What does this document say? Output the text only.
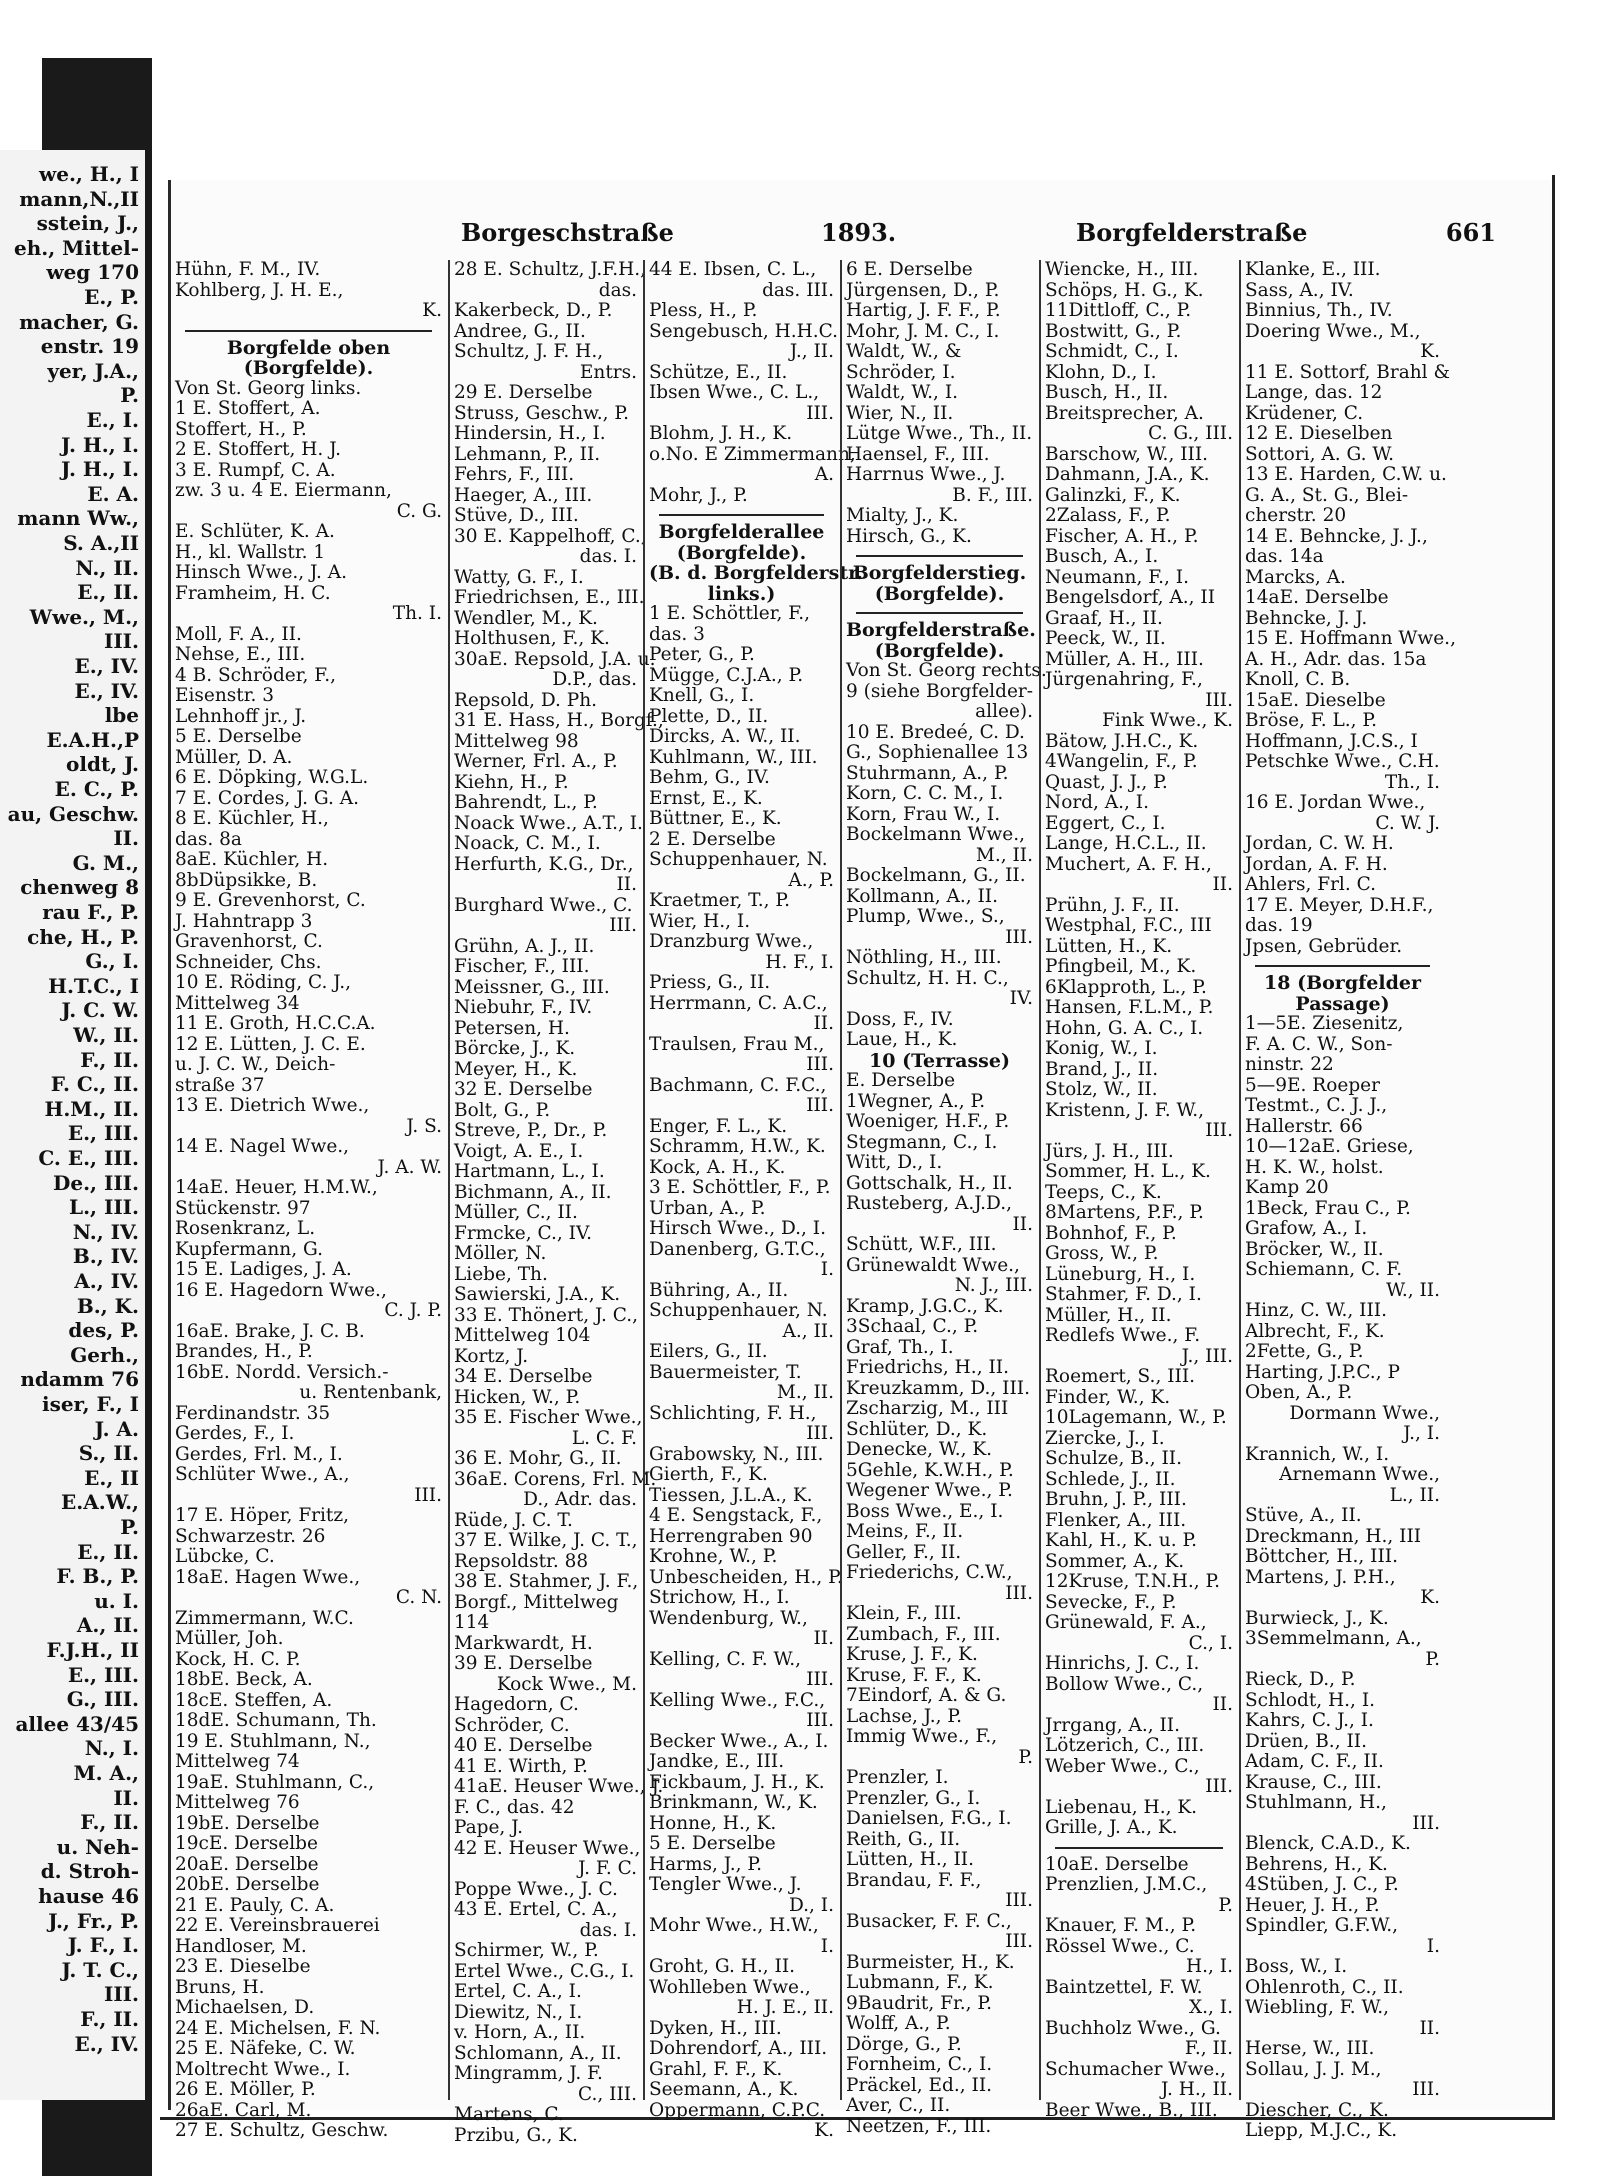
we., H., I
mann,N.,II
sstein, J.,
eh., Mittel-
weg 170
E., P.
macher, G.
enstr. 19
yer, J.A.,
P.
E., I.
J. H., I.
J. H., I.
E. A.
mann Ww.,
S. A.,II
N., II.
E., II.
Wwe., M.,
III.
E., IV.
E., IV.
lbe
E.A.H.,P
oldt, J.
E. C., P.
au, Geschw.
II.
G. M.,
chenweg 8
rau F., P.
che, H., P.
G., I.
H.T.C., I
J. C. W.
W., II.
F., II.
F. C., II.
H.M., II.
E., III.
C. E., III.
De., III.
L., III.
N., IV.
B., IV.
A., IV.
B., K.
des, P.
Gerh.,
ndamm 76
iser, F., I
J. A.
S., II.
E., II
E.A.W.,
P.
E., II.
F. B., P.
u. I.
A., II.
F.J.H., II
E., III.
G., III.
allee 43/45
N., I.
M. A.,
II.
F., II.
u. Neh-
d. Stroh-
hause 46
J., Fr., P.
J. F., I.
J. T. C.,
III.
F., II.
E., IV.
Borgeschstraße	1893.	Borgfelderstraße	661
Hühn, F. M., IV.
Kohlberg, J. H. E.,
K.
Borgfelde oben
(Borgfelde).
Von St. Georg links.
1 E. Stoffert, A.
Stoffert, H., P.
2 E. Stoffert, H. J.
3 E. Rumpf, C. A.
zw. 3 u. 4 E. Eiermann,
C. G.
E. Schlüter, K. A.
H., kl. Wallstr. 1
Hinsch Wwe., J. A.
Framheim, H. C.
Th. I.
Moll, F. A., II.
Nehse, E., III.
4 B. Schröder, F.,
Eisenstr. 3
Lehnhoff jr., J.
5 E. Derselbe
Müller, D. A.
6 E. Döpking, W.G.L.
7 E. Cordes, J. G. A.
8 E. Küchler, H.,
das. 8a
8aE. Küchler, H.
8bDüpsikke, B.
9 E. Grevenhorst, C.
J. Hahntrapp 3
Gravenhorst, C.
Schneider, Chs.
10 E. Röding, C. J.,
Mittelweg 34
11 E. Groth, H.C.C.A.
12 E. Lütten, J. C. E.
u. J. C. W., Deich-
straße 37
13 E. Dietrich Wwe.,
J. S.
14 E. Nagel Wwe.,
J. A. W.
14aE. Heuer, H.M.W.,
Stückenstr. 97
Rosenkranz, L.
Kupfermann, G.
15 E. Ladiges, J. A.
16 E. Hagedorn Wwe.,
C. J. P.
16aE. Brake, J. C. B.
Brandes, H., P.
16bE. Nordd. Versich.-
u. Rentenbank,
Ferdinandstr. 35
Gerdes, F., I.
Gerdes, Frl. M., I.
Schlüter Wwe., A.,
III.
17 E. Höper, Fritz,
Schwarzestr. 26
Lübcke, C.
18aE. Hagen Wwe.,
C. N.
Zimmermann, W.C.
Müller, Joh.
Kock, H. C. P.
18bE. Beck, A.
18cE. Steffen, A.
18dE. Schumann, Th.
19 E. Stuhlmann, N.,
Mittelweg 74
19aE. Stuhlmann, C.,
Mittelweg 76
19bE. Derselbe
19cE. Derselbe
20aE. Derselbe
20bE. Derselbe
21 E. Pauly, C. A.
22 E. Vereinsbrauerei
Handloser, M.
23 E. Dieselbe
Bruns, H.
Michaelsen, D.
24 E. Michelsen, F. N.
25 E. Näfeke, C. W.
Moltrecht Wwe., I.
26 E. Möller, P.
26aE. Carl, M.
27 E. Schultz, Geschw.
28 E. Schultz, J.F.H.,
das.
Kakerbeck, D., P.
Andree, G., II.
Schultz, J. F. H.,
Entrs.
29 E. Derselbe
Struss, Geschw., P.
Hindersin, H., I.
Lehmann, P., II.
Fehrs, F., III.
Haeger, A., III.
Stüve, D., III.
30 E. Kappelhoff, C.,
das. I.
Watty, G. F., I.
Friedrichsen, E., III.
Wendler, M., K.
Holthusen, F., K.
30aE. Repsold, J.A. u.
D.P., das.
Repsold, D. Ph.
31 E. Hass, H., Borgf.,
Mittelweg 98
Werner, Frl. A., P.
Kiehn, H., P.
Bahrendt, L., P.
Noack Wwe., A.T., I.
Noack, C. M., I.
Herfurth, K.G., Dr.,
II.
Burghard Wwe., C.
III.
Grühn, A. J., II.
Fischer, F., III.
Meissner, G., III.
Niebuhr, F., IV.
Petersen, H.
Börcke, J., K.
Meyer, H., K.
32 E. Derselbe
Bolt, G., P.
Streve, P., Dr., P.
Voigt, A. E., I.
Hartmann, L., I.
Bichmann, A., II.
Müller, C., II.
Frmcke, C., IV.
Möller, N.
Liebe, Th.
Sawierski, J.A., K.
33 E. Thönert, J. C.,
Mittelweg 104
Kortz, J.
34 E. Derselbe
Hicken, W., P.
35 E. Fischer Wwe.,
L. C. F.
36 E. Mohr, G., II.
36aE. Corens, Frl. M.
D., Adr. das.
Rüde, J. C. T.
37 E. Wilke, J. C. T.,
Repsoldstr. 88
38 E. Stahmer, J. F.,
Borgf., Mittelweg
114
Markwardt, H.
39 E. Derselbe
Kock Wwe., M.
Hagedorn, C.
Schröder, C.
40 E. Derselbe
41 E. Wirth, P.
41aE. Heuser Wwe., J.
F. C., das. 42
Pape, J.
42 E. Heuser Wwe.,
J. F. C.
Poppe Wwe., J. C.
43 E. Ertel, C. A.,
das. I.
Schirmer, W., P.
Ertel Wwe., C.G., I.
Ertel, C. A., I.
Diewitz, N., I.
v. Horn, A., II.
Schlomann, A., II.
Mingramm, J. F.
C., III.
Martens, C.
Przibu, G., K.
44 E. Ibsen, C. L.,
das. III.
Pless, H., P.
Sengebusch, H.H.C.
J., II.
Schütze, E., II.
Ibsen Wwe., C. L.,
III.
Blohm, J. H., K.
o.No. E Zimmermann,
A.
Mohr, J., P.
Borgfelderallee
(Borgfelde).
(B. d. Borgfelderstr.
links.)
1 E. Schöttler, F.,
das. 3
Peter, G., P.
Mügge, C.J.A., P.
Knell, G., I.
Plette, D., II.
Dircks, A. W., II.
Kuhlmann, W., III.
Behm, G., IV.
Ernst, E., K.
Büttner, E., K.
2 E. Derselbe
Schuppenhauer, N.
A., P.
Kraetmer, T., P.
Wier, H., I.
Dranzburg Wwe.,
H. F., I.
Priess, G., II.
Herrmann, C. A.C.,
II.
Traulsen, Frau M.,
III.
Bachmann, C. F.C.,
III.
Enger, F. L., K.
Schramm, H.W., K.
Kock, A. H., K.
3 E. Schöttler, F., P.
Urban, A., P.
Hirsch Wwe., D., I.
Danenberg, G.T.C.,
I.
Bühring, A., II.
Schuppenhauer, N.
A., II.
Eilers, G., II.
Bauermeister, T.
M., II.
Schlichting, F. H.,
III.
Grabowsky, N., III.
Gierth, F., K.
Tiessen, J.L.A., K.
4 E. Sengstack, F.,
Herrengraben 90
Krohne, W., P.
Unbescheiden, H., P.
Strichow, H., I.
Wendenburg, W.,
II.
Kelling, C. F. W.,
III.
Kelling Wwe., F.C.,
III.
Becker Wwe., A., I.
Jandke, E., III.
Fickbaum, J. H., K.
Brinkmann, W., K.
Honne, H., K.
5 E. Derselbe
Harms, J., P.
Tengler Wwe., J.
D., I.
Mohr Wwe., H.W.,
I.
Groht, G. H., II.
Wohlleben Wwe.,
H. J. E., II.
Dyken, H., III.
Dohrendorf, A., III.
Grahl, F. F., K.
Seemann, A., K.
Oppermann, C.P.C.
K.
6 E. Derselbe
Jürgensen, D., P.
Hartig, J. F. F., P.
Mohr, J. M. C., I.
Waldt, W., &
Schröder, I.
Waldt, W., I.
Wier, N., II.
Lütge Wwe., Th., II.
Haensel, F., III.
Harrnus Wwe., J.
B. F., III.
Mialty, J., K.
Hirsch, G., K.
Borgfelderstieg.
(Borgfelde).
Borgfelderstraße.
(Borgfelde).
Von St. Georg rechts.
9 (siehe Borgfelder-
allee).
10 E. Bredeé, C. D.
G., Sophienallee 13
Stuhrmann, A., P.
Korn, C. C. M., I.
Korn, Frau W., I.
Bockelmann Wwe.,
M., II.
Bockelmann, G., II.
Kollmann, A., II.
Plump, Wwe., S.,
III.
Nöthling, H., III.
Schultz, H. H. C.,
IV.
Doss, F., IV.
Laue, H., K.
10 (Terrasse)
E. Derselbe
1Wegner, A., P.
Woeniger, H.F., P.
Stegmann, C., I.
Witt, D., I.
Gottschalk, H., II.
Rusteberg, A.J.D.,
II.
Schütt, W.F., III.
Grünewaldt Wwe.,
N. J., III.
Kramp, J.G.C., K.
3Schaal, C., P.
Graf, Th., I.
Friedrichs, H., II.
Kreuzkamm, D., III.
Zscharzig, M., III
Schlüter, D., K.
Denecke, W., K.
5Gehle, K.W.H., P.
Wegener Wwe., P.
Boss Wwe., E., I.
Meins, F., II.
Geller, F., II.
Friederichs, C.W.,
III.
Klein, F., III.
Zumbach, F., III.
Kruse, J. F., K.
Kruse, F. F., K.
7Eindorf, A. & G.
Lachse, J., P.
Immig Wwe., F.,
P.
Prenzler, I.
Prenzler, G., I.
Danielsen, F.G., I.
Reith, G., II.
Lütten, H., II.
Brandau, F. F.,
III.
Busacker, F. F. C.,
III.
Burmeister, H., K.
Lubmann, F., K.
9Baudrit, Fr., P.
Wolff, A., P.
Dörge, G., P.
Fornheim, C., I.
Präckel, Ed., II.
Aver, C., II.
Neetzen, F., III.
Wiencke, H., III.
Schöps, H. G., K.
11Dittloff, C., P.
Bostwitt, G., P.
Schmidt, C., I.
Klohn, D., I.
Busch, H., II.
Breitsprecher, A.
C. G., III.
Barschow, W., III.
Dahmann, J.A., K.
Galinzki, F., K.
2Zalass, F., P.
Fischer, A. H., P.
Busch, A., I.
Neumann, F., I.
Bengelsdorf, A., II
Graaf, H., II.
Peeck, W., II.
Müller, A. H., III.
Jürgenahring, F.,
III.
Fink Wwe., K.
Bätow, J.H.C., K.
4Wangelin, F., P.
Quast, J. J., P.
Nord, A., I.
Eggert, C., I.
Lange, H.C.L., II.
Muchert, A. F. H.,
II.
Prühn, J. F., II.
Westphal, F.C., III
Lütten, H., K.
Pfingbeil, M., K.
6Klapproth, L., P.
Hansen, F.L.M., P.
Hohn, G. A. C., I.
Konig, W., I.
Brand, J., II.
Stolz, W., II.
Kristenn, J. F. W.,
III.
Jürs, J. H., III.
Sommer, H. L., K.
Teeps, C., K.
8Martens, P.F., P.
Bohnhof, F., P.
Gross, W., P.
Lüneburg, H., I.
Stahmer, F. D., I.
Müller, H., II.
Redlefs Wwe., F.
J., III.
Roemert, S., III.
Finder, W., K.
10Lagemann, W., P.
Ziercke, J., I.
Schulze, B., II.
Schlede, J., II.
Bruhn, J. P., III.
Flenker, A., III.
Kahl, H., K. u. P.
Sommer, A., K.
12Kruse, T.N.H., P.
Sevecke, F., P.
Grünewald, F. A.,
C., I.
Hinrichs, J. C., I.
Bollow Wwe., C.,
II.
Jrrgang, A., II.
Lötzerich, C., III.
Weber Wwe., C.,
III.
Liebenau, H., K.
Grille, J. A., K.
10aE. Derselbe
Prenzlien, J.M.C.,
P.
Knauer, F. M., P.
Rössel Wwe., C.
H., I.
Baintzettel, F. W.
X., I.
Buchholz Wwe., G.
F., II.
Schumacher Wwe.,
J. H., II.
Beer Wwe., B., III.
Klanke, E., III.
Sass, A., IV.
Binnius, Th., IV.
Doering Wwe., M.,
K.
11 E. Sottorf, Brahl &
Lange, das. 12
Krüdener, C.
12 E. Dieselben
Sottori, A. G. W.
13 E. Harden, C.W. u.
G. A., St. G., Blei-
cherstr. 20
14 E. Behncke, J. J.,
das. 14a
Marcks, A.
14aE. Derselbe
Behncke, J. J.
15 E. Hoffmann Wwe.,
A. H., Adr. das. 15a
Knoll, C. B.
15aE. Dieselbe
Bröse, F. L., P.
Hoffmann, J.C.S., I
Petschke Wwe., C.H.
Th., I.
16 E. Jordan Wwe.,
C. W. J.
Jordan, C. W. H.
Jordan, A. F. H.
Ahlers, Frl. C.
17 E. Meyer, D.H.F.,
das. 19
Jpsen, Gebrüder.
18 (Borgfelder
Passage)
1—5E. Ziesenitz,
F. A. C. W., Son-
ninstr. 22
5—9E. Roeper
Testmt., C. J. J.,
Hallerstr. 66
10—12aE. Griese,
H. K. W., holst.
Kamp 20
1Beck, Frau C., P.
Grafow, A., I.
Bröcker, W., II.
Schiemann, C. F.
W., II.
Hinz, C. W., III.
Albrecht, F., K.
2Fette, G., P.
Harting, J.P.C., P
Oben, A., P.
Dormann Wwe.,
J., I.
Krannich, W., I.
Arnemann Wwe.,
L., II.
Stüve, A., II.
Dreckmann, H., III
Böttcher, H., III.
Martens, J. P.H.,
K.
Burwieck, J., K.
3Semmelmann, A.,
P.
Rieck, D., P.
Schlodt, H., I.
Kahrs, C. J., I.
Drüen, B., II.
Adam, C. F., II.
Krause, C., III.
Stuhlmann, H.,
III.
Blenck, C.A.D., K.
Behrens, H., K.
4Stüben, J. C., P.
Heuer, J. H., P.
Spindler, G.F.W.,
I.
Boss, W., I.
Ohlenroth, C., II.
Wiebling, F. W.,
II.
Herse, W., III.
Sollau, J. J. M.,
III.
Diescher, C., K.
Liepp, M.J.C., K.
